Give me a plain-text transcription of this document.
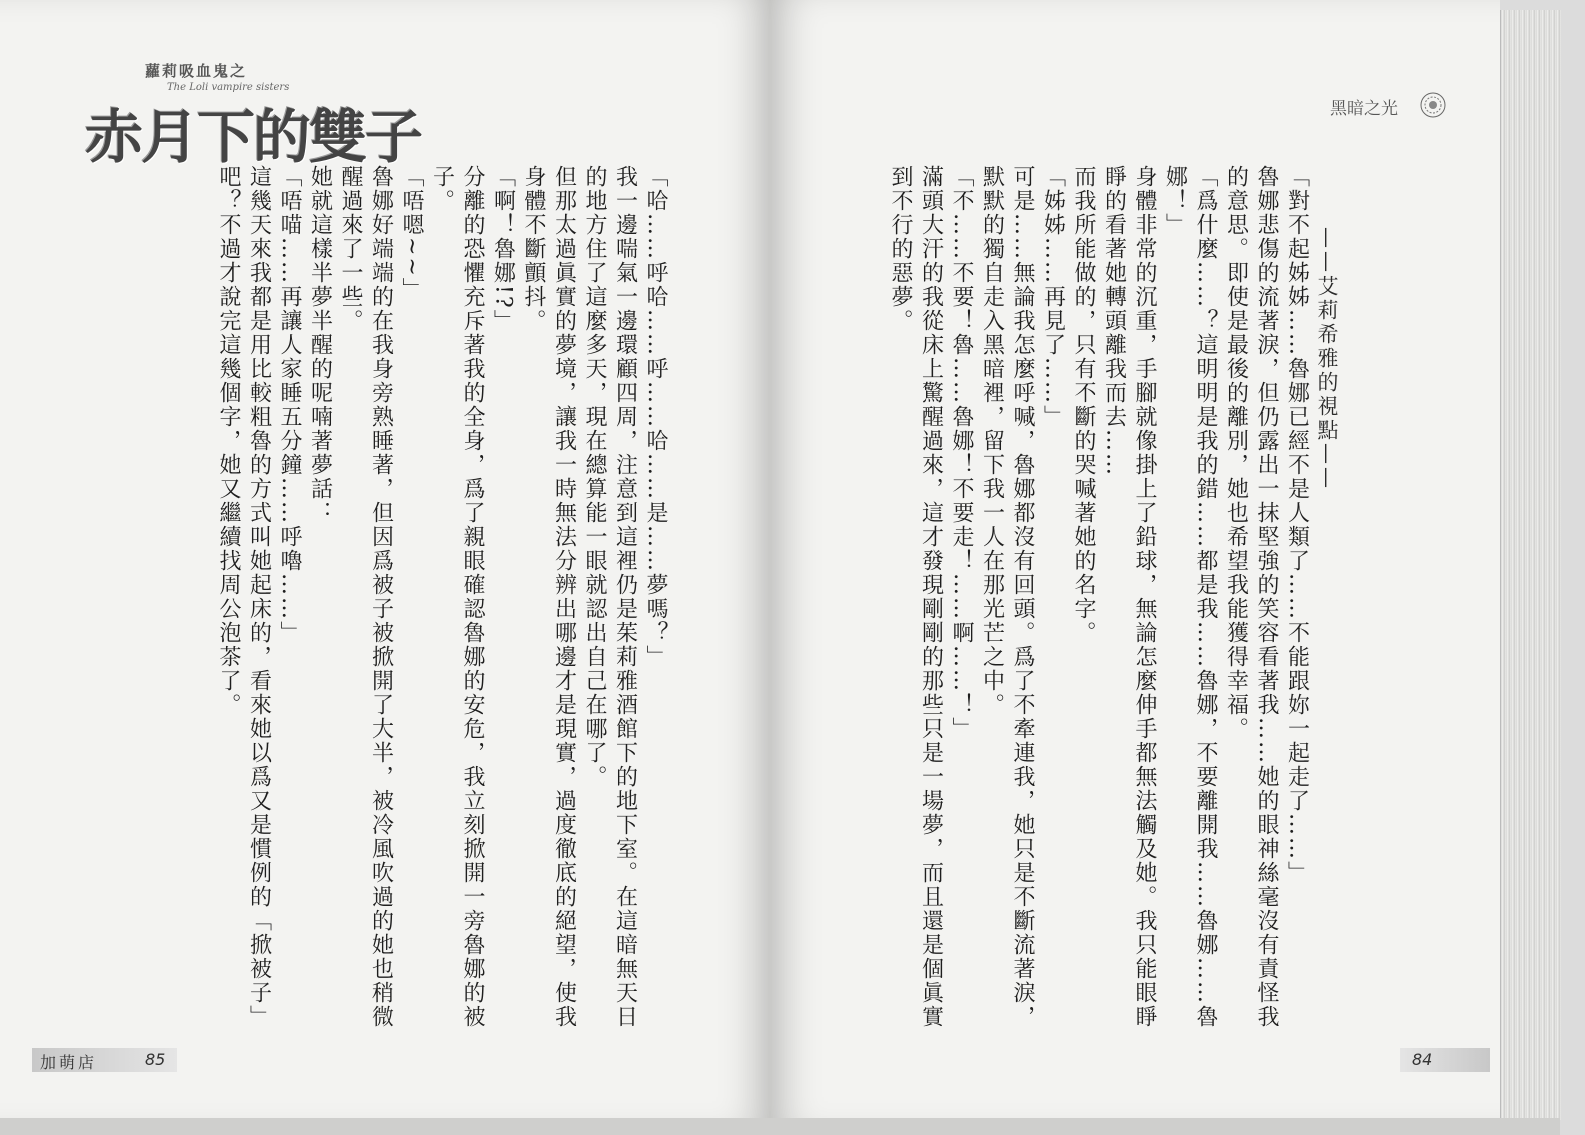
蘿莉吸血鬼之
The Loli vampire sisters
赤月下的雙子	黑暗之光

——艾莉希雅的視點——

「對不起姊姊……魯娜已經不是人類了……不能跟妳一起走了……」

魯娜悲傷的流著淚，但仍露出一抹堅強的笑容看著我……她的眼神絲毫沒有責怪我的意思。即使是最後的離別，她也希望我能獲得幸福。

「爲什麼……？這明明是我的錯……都是我……魯娜，不要離開我……魯娜……魯娜！」

身體非常的沉重，手腳就像掛上了鉛球，無論怎麼伸手都無法觸及她。我只能眼睜睜的看著她轉頭離我而去……

而我所能做的，只有不斷的哭喊著她的名字。

「姊姊……再見了……」

可是……無論我怎麼呼喊，魯娜都沒有回頭。爲了不牽連我，她只是不斷流著淚，默默的獨自走入黑暗裡，留下我一人在那光芒之中。

「不……不要！魯……魯娜！不要走！……啊……！」

滿頭大汗的我從床上驚醒過來，這才發現剛剛的那些只是一場夢，而且還是個眞實到不行的惡夢。

「哈……呼哈……呼……哈……是……夢嗎？」

我一邊喘氣一邊環顧四周，注意到這裡仍是茱莉雅酒館下的地下室。在這暗無天日的地方住了這麼多天，現在總算能一眼就認出自己在哪了。

但那太過眞實的夢境，讓我一時無法分辨出哪邊才是現實，過度徹底的絕望，使我身體不斷顫抖。

「啊！魯娜!?」

分離的恐懼充斥著我的全身，爲了親眼確認魯娜的安危，我立刻掀開一旁魯娜的被子。

「唔嗯~~」

魯娜好端端的在我身旁熟睡著，但因爲被子被掀開了大半，被冷風吹過的她也稍微醒過來了一些。

她就這樣半夢半醒的呢喃著夢話：

「唔喵……再讓人家睡五分鐘……呼嚕……」

這幾天來我都是用比較粗魯的方式叫她起床的，看來她以爲又是慣例的「掀被子」吧？不過才說完這幾個字，她又繼續找周公泡茶了。

加萌店	85	84
